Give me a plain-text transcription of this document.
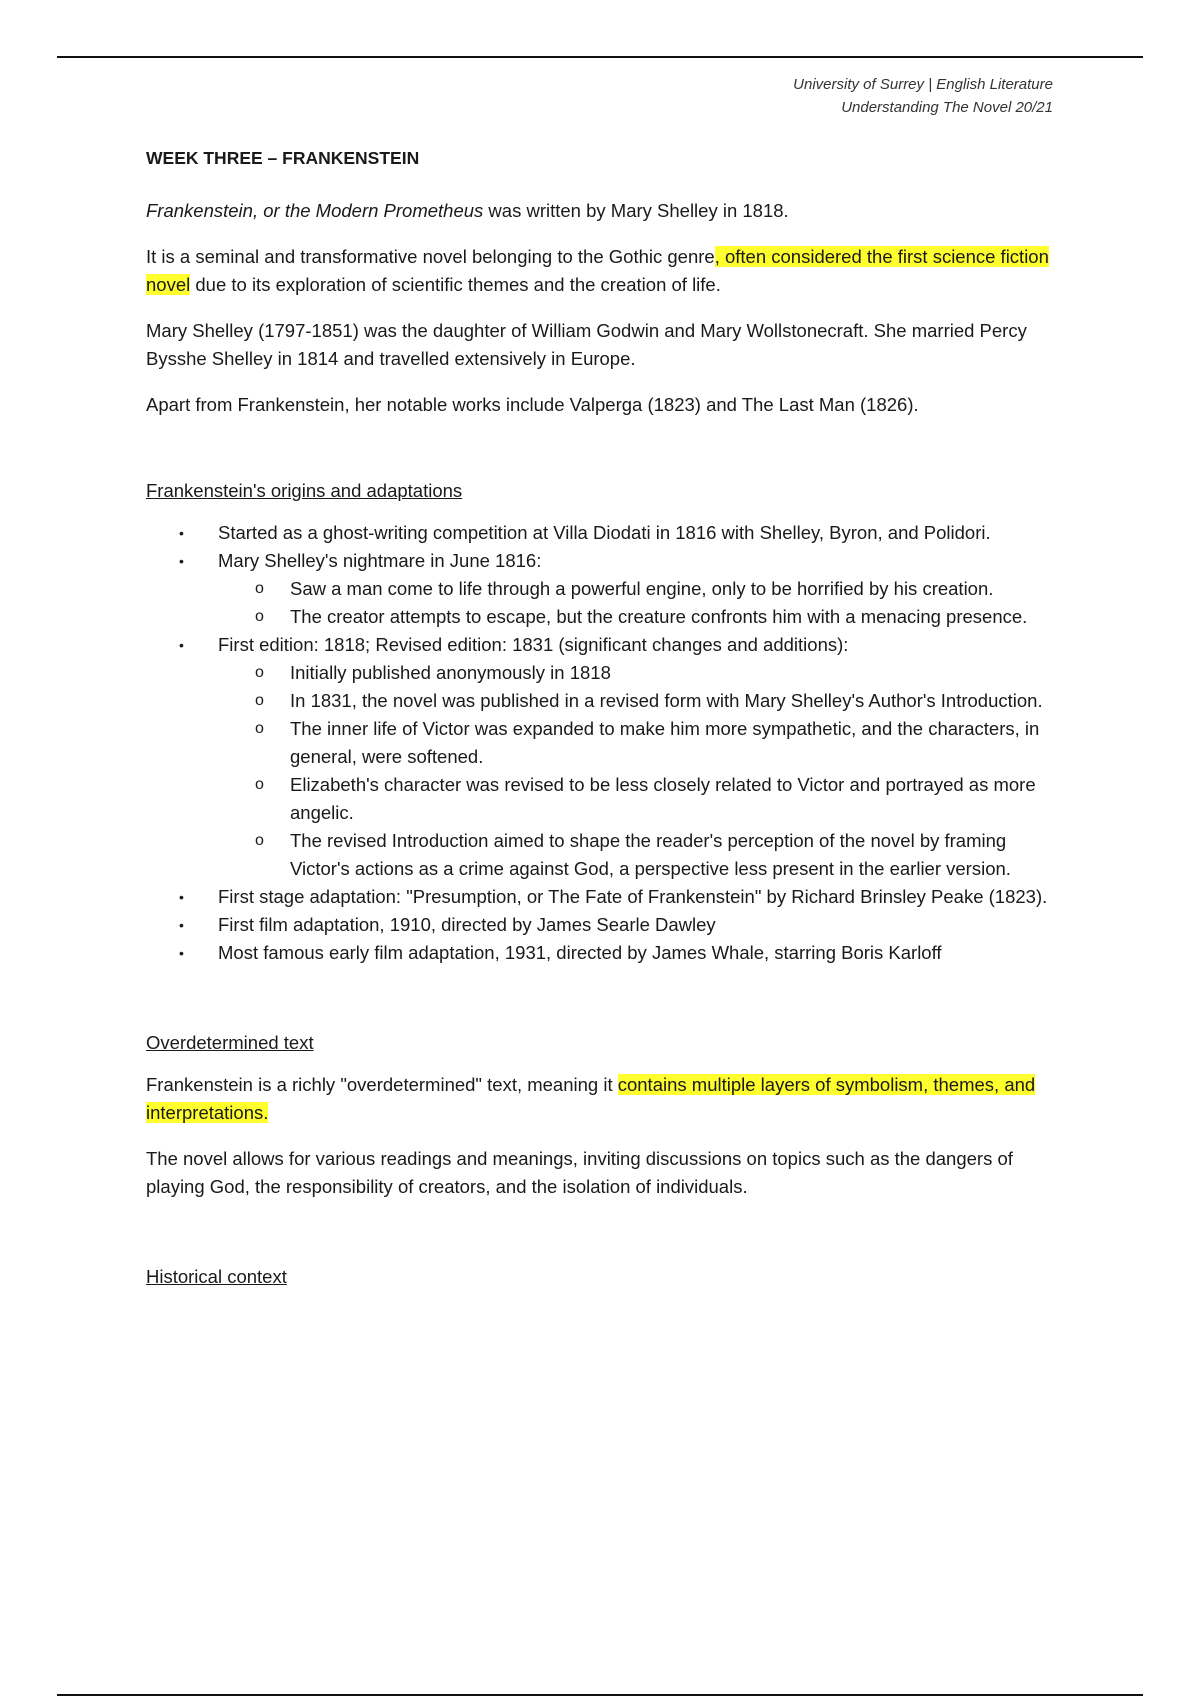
University of Surrey | English Literature
Understanding The Novel 20/21
WEEK THREE – FRANKENSTEIN

Frankenstein, or the Modern Prometheus was written by Mary Shelley in 1818.

It is a seminal and transformative novel belonging to the Gothic genre, often considered the first science fiction novel due to its exploration of scientific themes and the creation of life.

Mary Shelley (1797-1851) was the daughter of William Godwin and Mary Wollstonecraft. She married Percy Bysshe Shelley in 1814 and travelled extensively in Europe.

Apart from Frankenstein, her notable works include Valperga (1823) and The Last Man (1826).

Frankenstein's origins and adaptations
• Started as a ghost-writing competition at Villa Diodati in 1816 with Shelley, Byron, and Polidori.
• Mary Shelley's nightmare in June 1816:
o Saw a man come to life through a powerful engine, only to be horrified by his creation.
o The creator attempts to escape, but the creature confronts him with a menacing presence.
• First edition: 1818; Revised edition: 1831 (significant changes and additions):
o Initially published anonymously in 1818
o In 1831, the novel was published in a revised form with Mary Shelley's Author's Introduction.
o The inner life of Victor was expanded to make him more sympathetic, and the characters, in general, were softened.
o Elizabeth's character was revised to be less closely related to Victor and portrayed as more angelic.
o The revised Introduction aimed to shape the reader's perception of the novel by framing Victor's actions as a crime against God, a perspective less present in the earlier version.
• First stage adaptation: "Presumption, or The Fate of Frankenstein" by Richard Brinsley Peake (1823).
• First film adaptation, 1910, directed by James Searle Dawley
• Most famous early film adaptation, 1931, directed by James Whale, starring Boris Karloff
Overdetermined text

Frankenstein is a richly "overdetermined" text, meaning it contains multiple layers of symbolism, themes, and interpretations.

The novel allows for various readings and meanings, inviting discussions on topics such as the dangers of playing God, the responsibility of creators, and the isolation of individuals.

Historical context
